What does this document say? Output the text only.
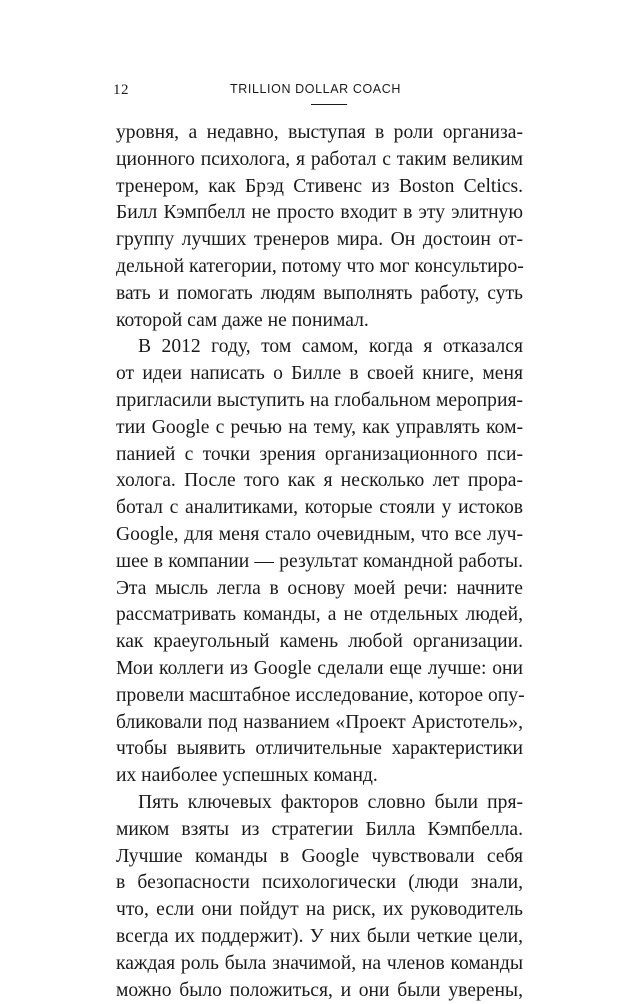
12	TRILLION DOLLAR COACH
уровня, а недавно, выступая в роли организа-
ционного психолога, я работал с таким великим
тренером, как Брэд Стивенс из Boston Celtics.
Билл Кэмпбелл не просто входит в эту элитную
группу лучших тренеров мира. Он достоин от-
дельной категории, потому что мог консультиро-
вать и помогать людям выполнять работу, суть
которой сам даже не понимал.
В 2012 году, том самом, когда я отказался
от идеи написать о Билле в своей книге, меня
пригласили выступить на глобальном мероприя-
тии Google с речью на тему, как управлять ком-
панией с точки зрения организационного пси-
холога. После того как я несколько лет прора-
ботал с аналитиками, которые стояли у истоков
Google, для меня стало очевидным, что все луч-
шее в компании — результат командной работы.
Эта мысль легла в основу моей речи: начните
рассматривать команды, а не отдельных людей,
как краеугольный камень любой организации.
Мои коллеги из Google сделали еще лучше: они
провели масштабное исследование, которое опу-
бликовали под названием «Проект Аристотель»,
чтобы выявить отличительные характеристики
их наиболее успешных команд.
Пять ключевых факторов словно были пря-
миком взяты из стратегии Билла Кэмпбелла.
Лучшие команды в Google чувствовали себя
в безопасности психологически (люди знали,
что, если они пойдут на риск, их руководитель
всегда их поддержит). У них были четкие цели,
каждая роль была значимой, на членов команды
можно было положиться, и они были уверены,
